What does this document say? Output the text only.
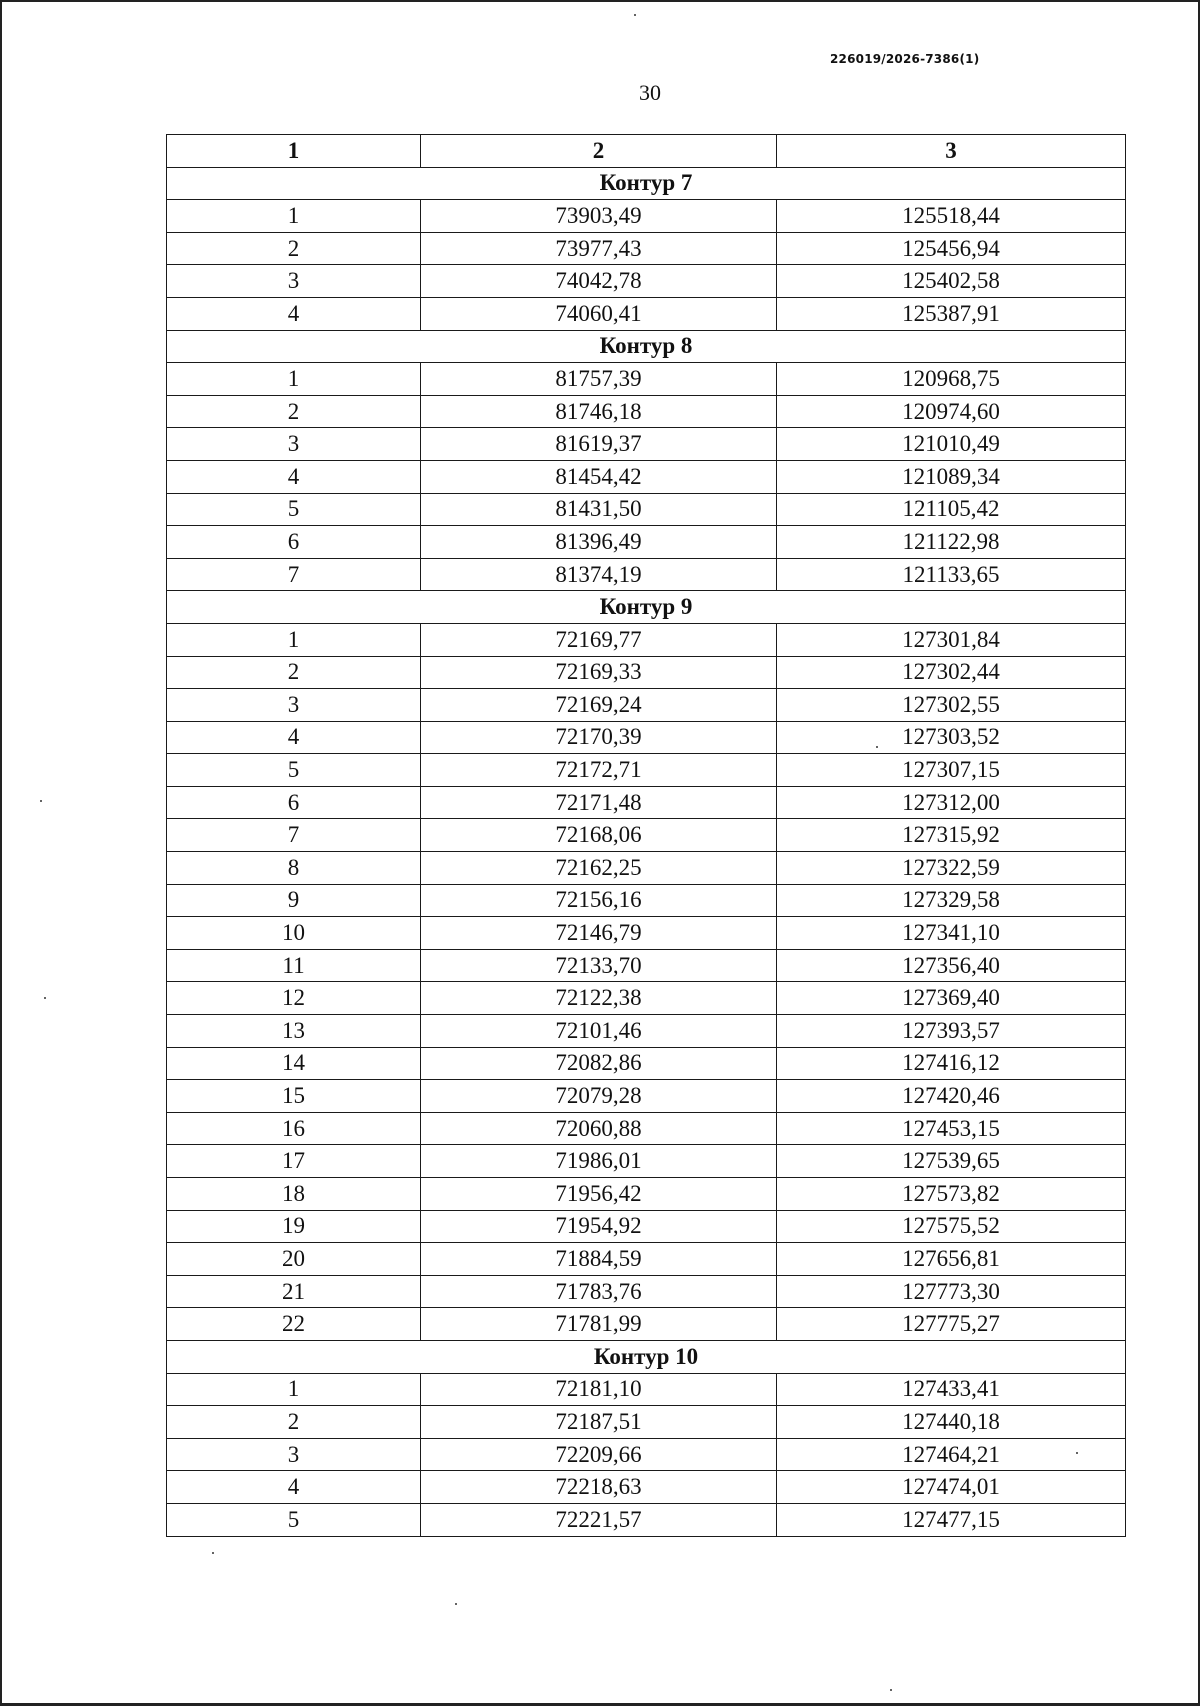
226019/2026-7386(1)
30
1	2	3
Контур 7		
1	73903,49	125518,44
2	73977,43	125456,94
3	74042,78	125402,58
4	74060,41	125387,91
Контур 8		
1	81757,39	120968,75
2	81746,18	120974,60
3	81619,37	121010,49
4	81454,42	121089,34
5	81431,50	121105,42
6	81396,49	121122,98
7	81374,19	121133,65
Контур 9		
1	72169,77	127301,84
2	72169,33	127302,44
3	72169,24	127302,55
4	72170,39	127303,52
5	72172,71	127307,15
6	72171,48	127312,00
7	72168,06	127315,92
8	72162,25	127322,59
9	72156,16	127329,58
10	72146,79	127341,10
11	72133,70	127356,40
12	72122,38	127369,40
13	72101,46	127393,57
14	72082,86	127416,12
15	72079,28	127420,46
16	72060,88	127453,15
17	71986,01	127539,65
18	71956,42	127573,82
19	71954,92	127575,52
20	71884,59	127656,81
21	71783,76	127773,30
22	71781,99	127775,27
Контур 10		
1	72181,10	127433,41
2	72187,51	127440,18
3	72209,66	127464,21
4	72218,63	127474,01
5	72221,57	127477,15
